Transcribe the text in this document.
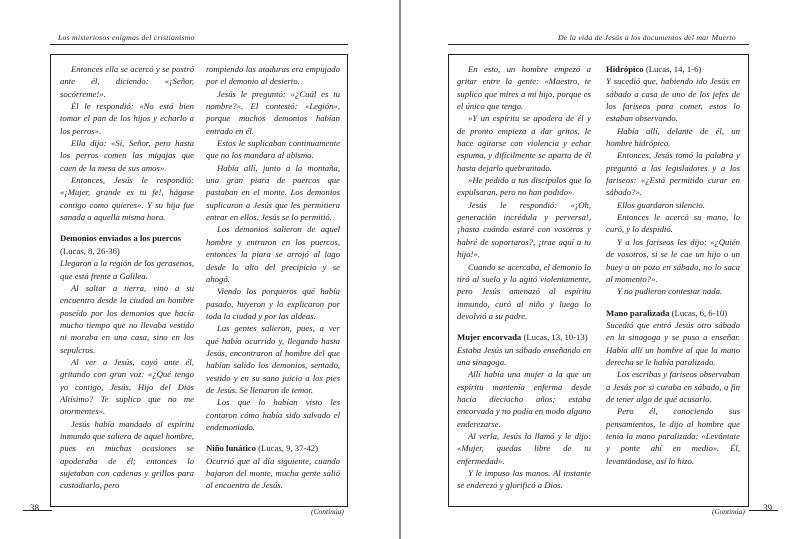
Los misteriosos enigmas del cristianismo

Entonces ella se acercó y se postró ante él, diciendo: «¡Señor, socórreme!».

Él le respondió: «No está bien tomar el pan de los hijos y echarlo a los perros».

Ella dijo: «Sí, Señor, pero hasta los perros comen las migajas que caen de la mesa de sus amos».

Entonces, Jesús le respondió: «¡Mujer, grande es tu fe!, hágase contigo como quieres». Y su hija fue sanada a aquella misma hora.

Demonios enviados a los puercos
(Lucas, 8, 26-36)

Llegaron a la región de los gerasenos, que está frente a Galilea.

Al saltar a tierra, vino a su encuentro desde la ciudad un hombre poseído por los demonios que hacía mucho tiempo que no llevaba vestido ni moraba en una casa, sino en los sepulcros.

Al ver a Jesús, cayó ante él, gritando con gran voz: «¿Qué tengo yo contigo, Jesús, Hijo del Dios Altísimo? Te suplico que no me atormentes».

Jesús había mandado al espíritu inmundo que saliera de aquel hombre, pues en muchas ocasiones se apoderaba de él; entonces lo sujetaban con cadenas y grillos para custodiarlo, pero

rompiendo las ataduras era empujado por el demonio al desierto.

Jesús le preguntó: «¿Cuál es tu nombre?». El contestó: «Legión», porque muchos demonios habían entrado en él.

Estos le suplicaban continuamente que no los mandara al abismo.

Había allí, junto a la montaña, una gran piara de puercos que pastaban en el monte. Los demonios suplicaron a Jesús que les permitiera entrar en ellos. Jesús se lo permitió.

Los demonios salieron de aquel hombre y entraron en los puercos, entonces la piara se arrojó al lago desde lo alto del precipicio y se ahogó.

Viendo los porqueros qué había pasado, huyeron y lo explicaron por toda la ciudad y por las aldeas.

Las gentes salieron, pues, a ver qué había ocurrido y, llegando hasta Jesús, encontraron al hombre del que habían salido los demonios, sentado, vestido y en su sano juicio a los pies de Jesús. Se llenaron de temor.

Los que lo habían visto les contaron cómo había sido salvado el endemoniado.

Niño lunático (Lucas, 9, 37-42)

Ocurrió que al día siguiente, cuando bajaron del monte, mucha gente salió al encuentro de Jesús.

38	(Continúa)
De la vida de Jesús a los documentos del mar Muerto

En esto, un hombre empezó a gritar entre la gente: «Maestro, te suplico que mires a mi hijo, porque es el único que tengo.

»Y un espíritu se apodera de él y de pronto empieza a dar gritos, le hace agitarse con violencia y echar espuma, y difícilmente se aparta de él hasta dejarlo quebrantado.

»He pedido a tus discípulos que lo expulsaran, pero no han podido».

Jesús le respondió: «¡Oh, generación incrédula y perversa!, ¡hasta cuándo estaré con vosotros y habré de soportaros?, ¡trae aquí a tu hijo!».

Cuando se acercaba, el demonio lo tiró al suelo y lo agitó violentamente, pero Jesús amenazó al espíritu inmundo, curó al niño y luego lo devolvió a su padre.

Mujer encorvada (Lucas, 13, 10-13)

Estaba Jesús un sábado enseñando en una sinagoga.

Allí había una mujer a la que un espíritu mantenía enferma desde hacía dieciocho años; estaba encorvada y no podía en modo alguno enderezarse.

Al verla, Jesús la llamó y le dijo: «Mujer, quedas libre de tu enfermedad».

Y le impuso las manos. Al instante se enderezó y glorificó a Dios.

Hidrópico (Lucas, 14, 1-6)

Y sucedió que, habiendo ido Jesús en sábado a casa de uno de los jefes de los fariseos para comer, estos lo estaban observando.

Había allí, delante de él, un hombre hidrópico.

Entonces, Jesús tomó la palabra y preguntó a los legisladores y a los fariseos: «¿Está permitido curar en sábado?».

Ellos guardaron silencio.

Entonces le acercó su mano, lo curó, y lo despidió.

Y a los fariseos les dijo: «¿Quién de vosotros, si se le cae un hijo o un buey a un pozo en sábado, no lo saca al momento?».

Y no pudieron contestar nada.

Mano paralizada (Lucas, 6, 6-10)

Sucedió que entró Jesús otro sábado en la sinagoga y se puso a enseñar. Había allí un hombre al que la mano derecha se le había paralizado.

Los escribas y fariseos observaban a Jesús por si curaba en sábado, a fin de tener algo de qué acusarlo.

Pero él, conociendo sus pensamientos, le dijo al hombre que tenía la mano paralizada: «Levántate y ponte ahí en medio». Él, levantándose, así lo hizo.

(Continúa) 39
